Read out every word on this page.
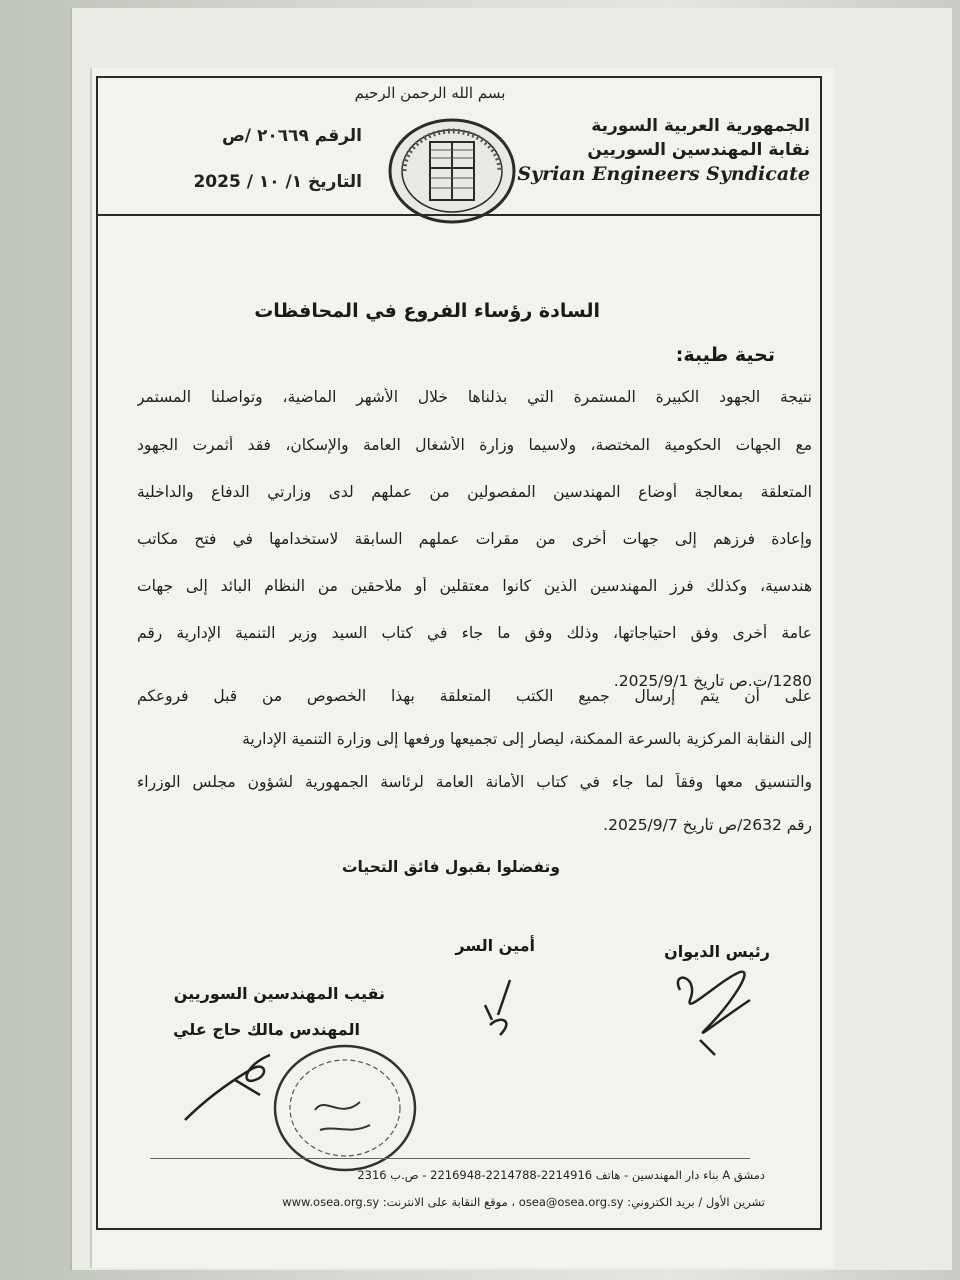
بسم الله الرحمن الرحيم

الجمهورية العربية السورية

نقابة المهندسين السوريين

Syrian Engineers Syndicate

الرقم ٢٠٦٦٩ /ص

التاريخ ١/ ١٠ / 2025

السادة رؤساء الفروع في المحافظات

تحية طيبة:

نتيجة الجهود الكبيرة المستمرة التي بذلناها خلال الأشهر الماضية، وتواصلنا المستمر

مع الجهات الحكومية المختصة، ولاسيما وزارة الأشغال العامة والإسكان، فقد أثمرت الجهود

المتعلقة بمعالجة أوضاع المهندسين المفصولين من عملهم لدى وزارتي الدفاع والداخلية

وإعادة فرزهم إلى جهات أخرى من مقرات عملهم السابقة لاستخدامها في فتح مكاتب

هندسية، وكذلك فرز المهندسين الذين كانوا معتقلين أو ملاحقين من النظام البائد إلى جهات

عامة أخرى وفق احتياجاتها، وذلك وفق ما جاء في كتاب السيد وزير التنمية الإدارية رقم

1280/ت.ص تاريخ 2025/9/1.

على أن يتم إرسال جميع الكتب المتعلقة بهذا الخصوص من قبل فروعكم

إلى النقابة المركزية بالسرعة الممكنة، ليصار إلى تجميعها ورفعها إلى وزارة التنمية الإدارية

والتنسيق معها وفقاً لما جاء في كتاب الأمانة العامة لرئاسة الجمهورية لشؤون مجلس الوزراء

رقم 2632/ص تاريخ 2025/9/7.

وتفضلوا بقبول فائق التحيات

رئيس الديوان

أمين السر

نقيب المهندسين السوريين

المهندس مالك حاج علي

دمشق A بناء دار المهندسين - هاتف 2214916-2214788-2216948 - ص.ب 2316

تشرين الأول / بريد الكتروني: osea@osea.org.sy ، موقع النقابة على الانترنت: www.osea.org.sy
